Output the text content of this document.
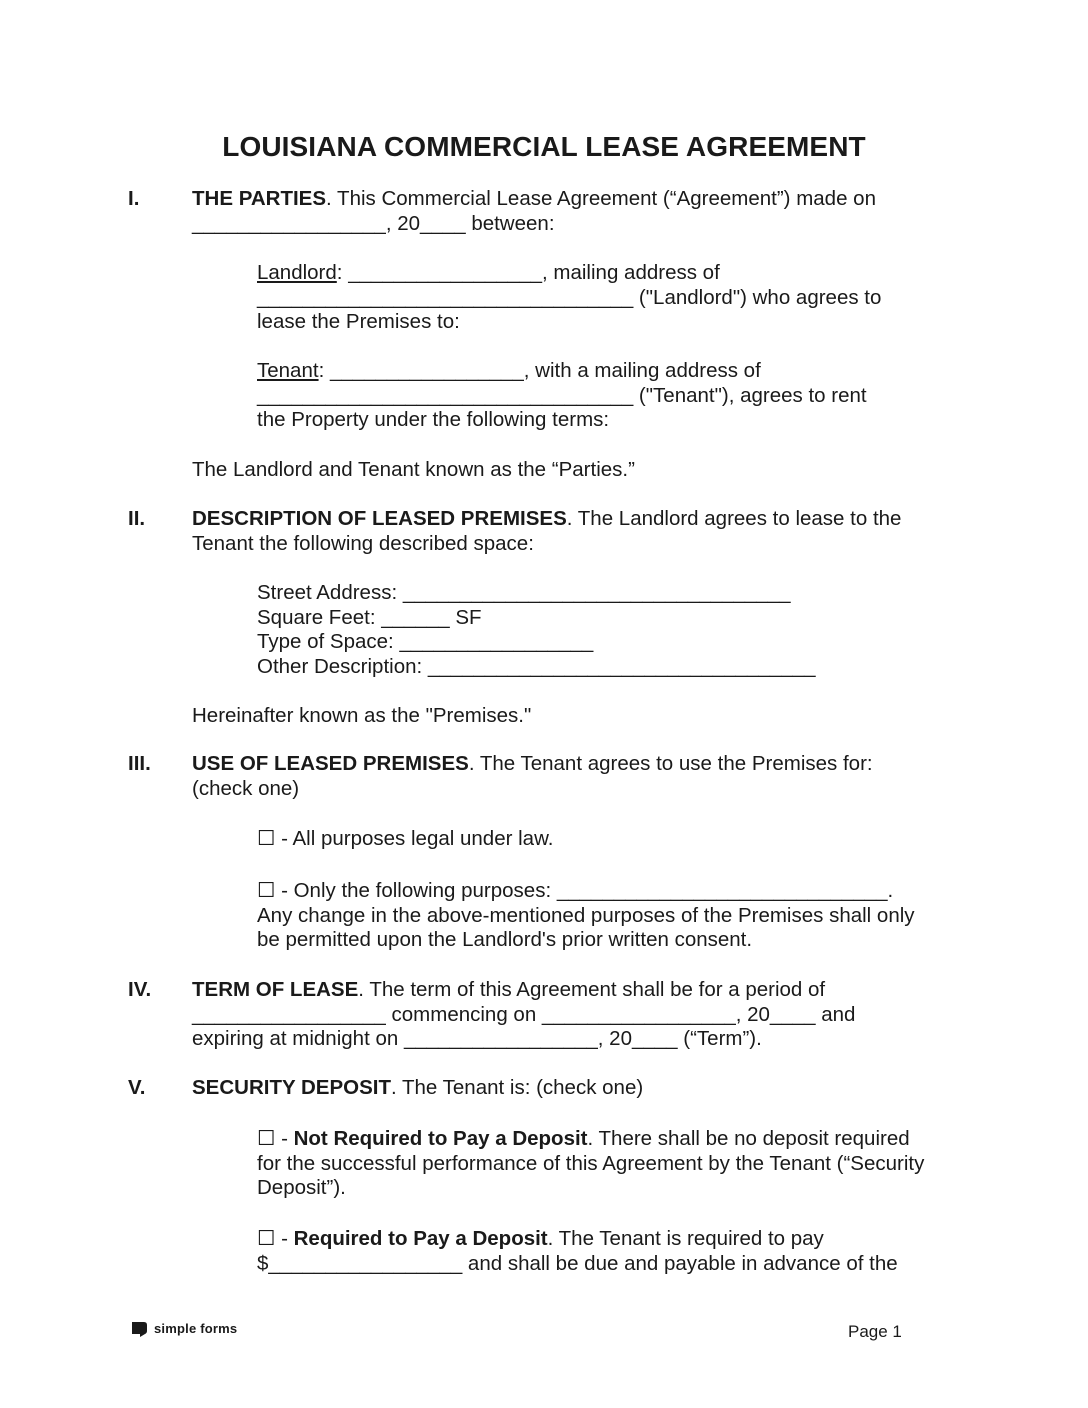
LOUISIANA COMMERCIAL LEASE AGREEMENT
I.	THE PARTIES. This Commercial Lease Agreement (“Agreement”) made on
_________________, 20____ between:
Landlord: _________________, mailing address of
_________________________________ ("Landlord") who agrees to
lease the Premises to:
Tenant: _________________, with a mailing address of
_________________________________ ("Tenant"), agrees to rent
the Property under the following terms:
The Landlord and Tenant known as the “Parties.”
II. DESCRIPTION OF LEASED PREMISES. The Landlord agrees to lease to the
Tenant the following described space:
Street Address: __________________________________
Square Feet: ______ SF
Type of Space: _________________
Other Description: __________________________________
Hereinafter known as the "Premises."
III. USE OF LEASED PREMISES. The Tenant agrees to use the Premises for:
(check one)
☐ - All purposes legal under law.
☐ - Only the following purposes: _____________________________.
Any change in the above-mentioned purposes of the Premises shall only
be permitted upon the Landlord's prior written consent.
IV. TERM OF LEASE. The term of this Agreement shall be for a period of
_________________ commencing on _________________, 20____ and
expiring at midnight on _________________, 20____ (“Term”).
V. SECURITY DEPOSIT. The Tenant is: (check one)
☐ - Not Required to Pay a Deposit. There shall be no deposit required
for the successful performance of this Agreement by the Tenant (“Security
Deposit”).
☐ - Required to Pay a Deposit. The Tenant is required to pay
$_________________ and shall be due and payable in advance of the
simple forms	Page 1
